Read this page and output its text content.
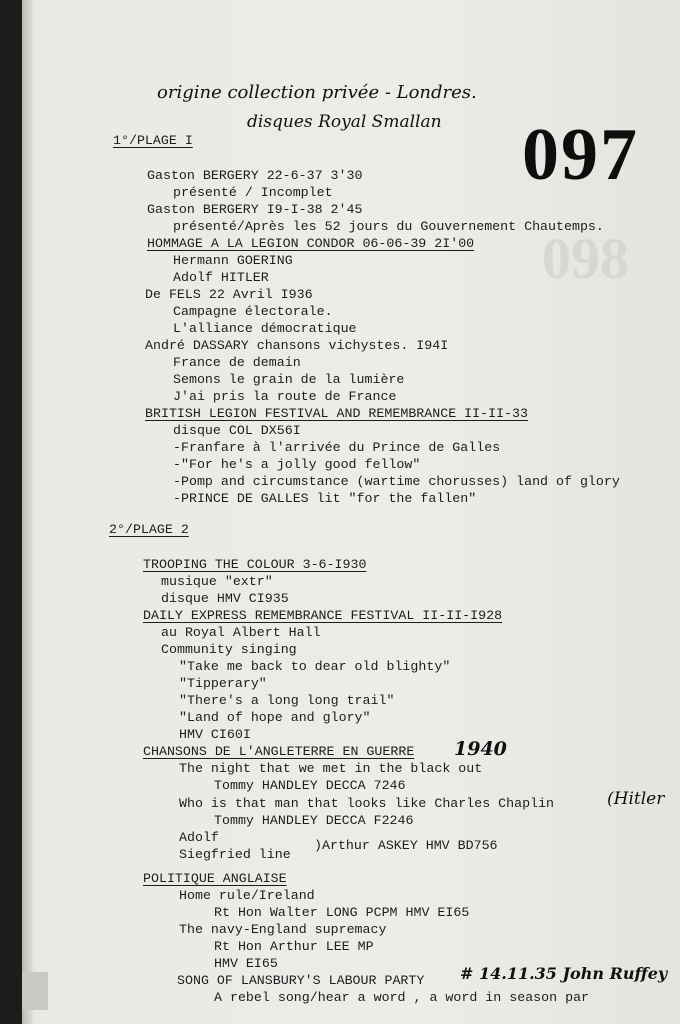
origine collection privée - Londres.
disques Royal Smallan
098
097
1°/PLAGE I
Gaston BERGERY 22-6-37 3'30
présenté / Incomplet
Gaston BERGERY I9-I-38 2'45
présenté/Après les 52 jours du Gouvernement Chautemps.
HOMMAGE A LA LEGION CONDOR 06-06-39 2I'00
Hermann GOERING
Adolf HITLER
De FELS 22 Avril I936
Campagne électorale.
L'alliance démocratique
André DASSARY chansons vichystes. I94I
France de demain
Semons le grain de la lumière
J'ai pris la route de France
BRITISH LEGION FESTIVAL AND REMEMBRANCE II-II-33
disque COL DX56I
-Franfare à l'arrivée du Prince de Galles
-"For he's a jolly good fellow"
-Pomp and circumstance (wartime chorusses) land of glory
-PRINCE DE GALLES lit "for the fallen"
2°/PLAGE 2
TROOPING THE COLOUR 3-6-I930
musique "extr"
disque HMV CI935
DAILY EXPRESS REMEMBRANCE FESTIVAL II-II-I928
au Royal Albert Hall
Community singing
"Take me back to dear old blighty"
"Tipperary"
"There's a long long trail"
"Land of hope and glory"
HMV CI60I
CHANSONS DE L'ANGLETERRE EN GUERRE 1940
The night that we met in the black out
Tommy HANDLEY DECCA 7246
Who is that man that looks like Charles Chaplin	(Hitler
Tommy HANDLEY DECCA F2246
Adolf
Siegfried line
)Arthur ASKEY HMV BD756
POLITIQUE ANGLAISE
Home rule/Ireland
Rt Hon Walter LONG PCPM HMV EI65
The navy-England supremacy
Rt Hon Arthur LEE MP
HMV EI65
SONG OF LANSBURY'S LABOUR PARTY # 14.11.35 John Ruffey
A rebel song/hear a word , a word in season par
